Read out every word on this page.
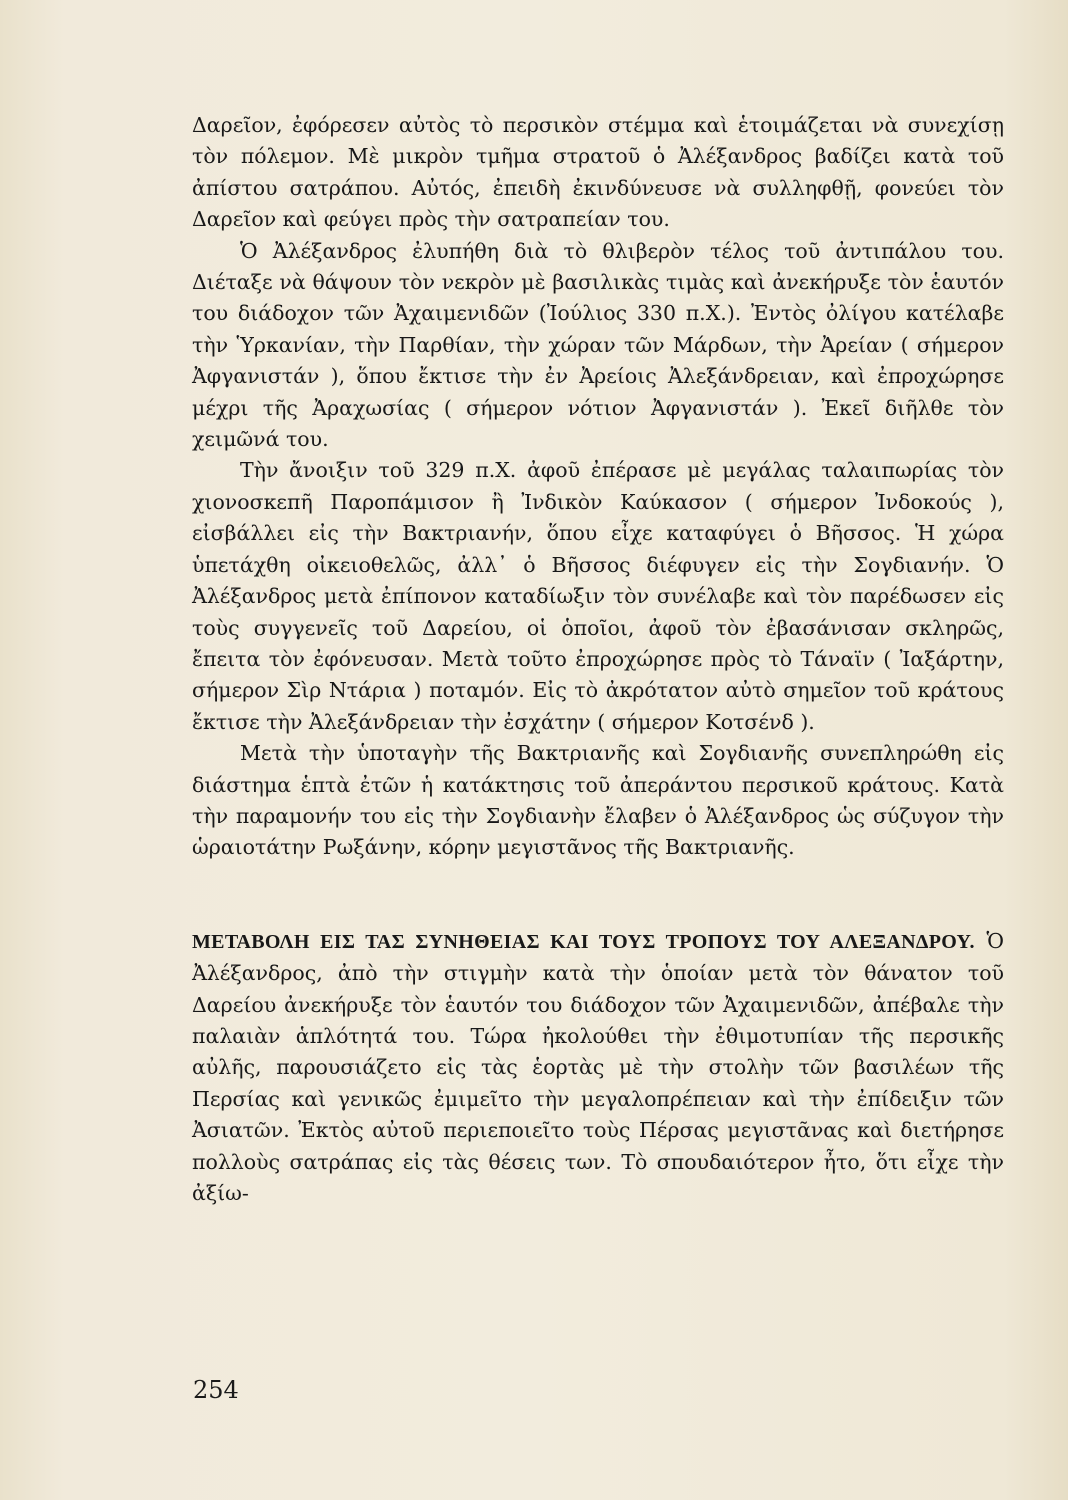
Δαρεῖον, ἐφόρεσεν αὐτὸς τὸ περσικὸν στέμμα καὶ ἑτοιμάζεται νὰ συνεχίσῃ τὸν πόλεμον. Μὲ μικρὸν τμῆμα στρατοῦ ὁ Ἀλέξανδρος βαδίζει κατὰ τοῦ ἀπίστου σατράπου. Αὐτός, ἐπειδὴ ἐκινδύνευσε νὰ συλληφθῇ, φονεύει τὸν Δαρεῖον καὶ φεύγει πρὸς τὴν σατραπείαν του.

Ὁ Ἀλέξανδρος ἐλυπήθη διὰ τὸ θλιβερὸν τέλος τοῦ ἀντιπάλου του. Διέταξε νὰ θάψουν τὸν νεκρὸν μὲ βασιλικὰς τιμὰς καὶ ἀνεκήρυξε τὸν ἑαυτόν του διάδοχον τῶν Ἀχαιμενιδῶν (Ἰούλιος 330 π.Χ.). Ἐντὸς ὀλίγου κατέλαβε τὴν Ὑρκανίαν, τὴν Παρθίαν, τὴν χώραν τῶν Μάρδων, τὴν Ἀρείαν ( σήμερον Ἀφγανιστάν ), ὅπου ἔκτισε τὴν ἐν Ἀρείοις Ἀλεξάνδρειαν, καὶ ἐπροχώρησε μέχρι τῆς Ἀραχωσίας ( σήμερον νότιον Ἀφγανιστάν ). Ἐκεῖ διῆλθε τὸν χειμῶνά του.

Τὴν ἄνοιξιν τοῦ 329 π.Χ. ἀφοῦ ἐπέρασε μὲ μεγάλας ταλαιπωρίας τὸν χιονοσκεπῆ Παροπάμισον ἢ Ἰνδικὸν Καύκασον ( σήμερον Ἰνδοκούς ), εἰσβάλλει εἰς τὴν Βακτριανήν, ὅπου εἶχε καταφύγει ὁ Βῆσσος. Ἡ χώρα ὑπετάχθη οἰκειοθελῶς, ἀλλ᾽ ὁ Βῆσσος διέφυγεν εἰς τὴν Σογδιανήν. Ὁ Ἀλέξανδρος μετὰ ἐπίπονον καταδίωξιν τὸν συνέλαβε καὶ τὸν παρέδωσεν εἰς τοὺς συγγενεῖς τοῦ Δαρείου, οἱ ὁποῖοι, ἀφοῦ τὸν ἐβασάνισαν σκληρῶς, ἔπειτα τὸν ἐφόνευσαν. Μετὰ τοῦτο ἐπροχώρησε πρὸς τὸ Τάναϊν ( Ἰαξάρτην, σήμερον Σὶρ Ντάρια ) ποταμόν. Εἰς τὸ ἀκρότατον αὐτὸ σημεῖον τοῦ κράτους ἔκτισε τὴν Ἀλεξάνδρειαν τὴν ἐσχάτην ( σήμερον Κοτσένδ ).

Μετὰ τὴν ὑποταγὴν τῆς Βακτριανῆς καὶ Σογδιανῆς συνεπληρώθη εἰς διάστημα ἑπτὰ ἐτῶν ἡ κατάκτησις τοῦ ἀπεράντου περσικοῦ κράτους. Κατὰ τὴν παραμονήν του εἰς τὴν Σογδιανὴν ἔλαβεν ὁ Ἀλέξανδρος ὡς σύζυγον τὴν ὡραιοτάτην Ρωξάνην, κόρην μεγιστᾶνος τῆς Βακτριανῆς.

ΜΕΤΑΒΟΛΗ ΕΙΣ ΤΑΣ ΣΥΝΗΘΕΙΑΣ ΚΑΙ ΤΟΥΣ ΤΡΟΠΟΥΣ ΤΟΥ ΑΛΕΞΑΝΔΡΟΥ. Ὁ Ἀλέξανδρος, ἀπὸ τὴν στιγμὴν κατὰ τὴν ὁποίαν μετὰ τὸν θάνατον τοῦ Δαρείου ἀνεκήρυξε τὸν ἑαυτόν του διάδοχον τῶν Ἀχαιμενιδῶν, ἀπέβαλε τὴν παλαιὰν ἁπλότητά του. Τώρα ἠκολούθει τὴν ἐθιμοτυπίαν τῆς περσικῆς αὐλῆς, παρουσιάζετο εἰς τὰς ἑορτὰς μὲ τὴν στολὴν τῶν βασιλέων τῆς Περσίας καὶ γενικῶς ἐμιμεῖτο τὴν μεγαλοπρέπειαν καὶ τὴν ἐπίδειξιν τῶν Ἀσιατῶν. Ἐκτὸς αὐτοῦ περιεποιεῖτο τοὺς Πέρσας μεγιστᾶνας καὶ διετήρησε πολλοὺς σατράπας εἰς τὰς θέσεις των. Τὸ σπουδαιότερον ἦτο, ὅτι εἶχε τὴν ἀξίω-

254
